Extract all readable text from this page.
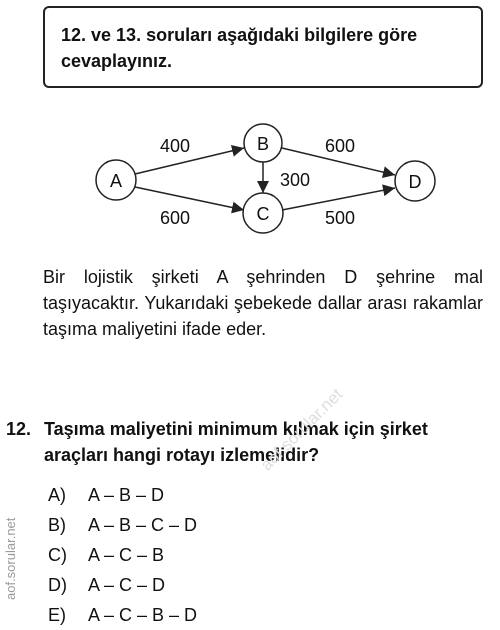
12. ve 13. soruları aşağıdaki bilgilere göre cevaplayınız.
400	600
300
600	500
A
B
C
D
Bir lojistik şirketi A şehrinden D şehrine mal taşıyacaktır. Yukarıdaki şebekede dallar arası rakamlar taşıma maliyetini ifade eder.
12. Taşıma maliyetini minimum kılmak için şirket araçları hangi rotayı izlemelidir?
A)	A – B – D
B)	A – B – C – D
C)	A – C – B
D)	A – C – D
E)	A – C – B – D
aof.sorular.net
aof.sorular.net
